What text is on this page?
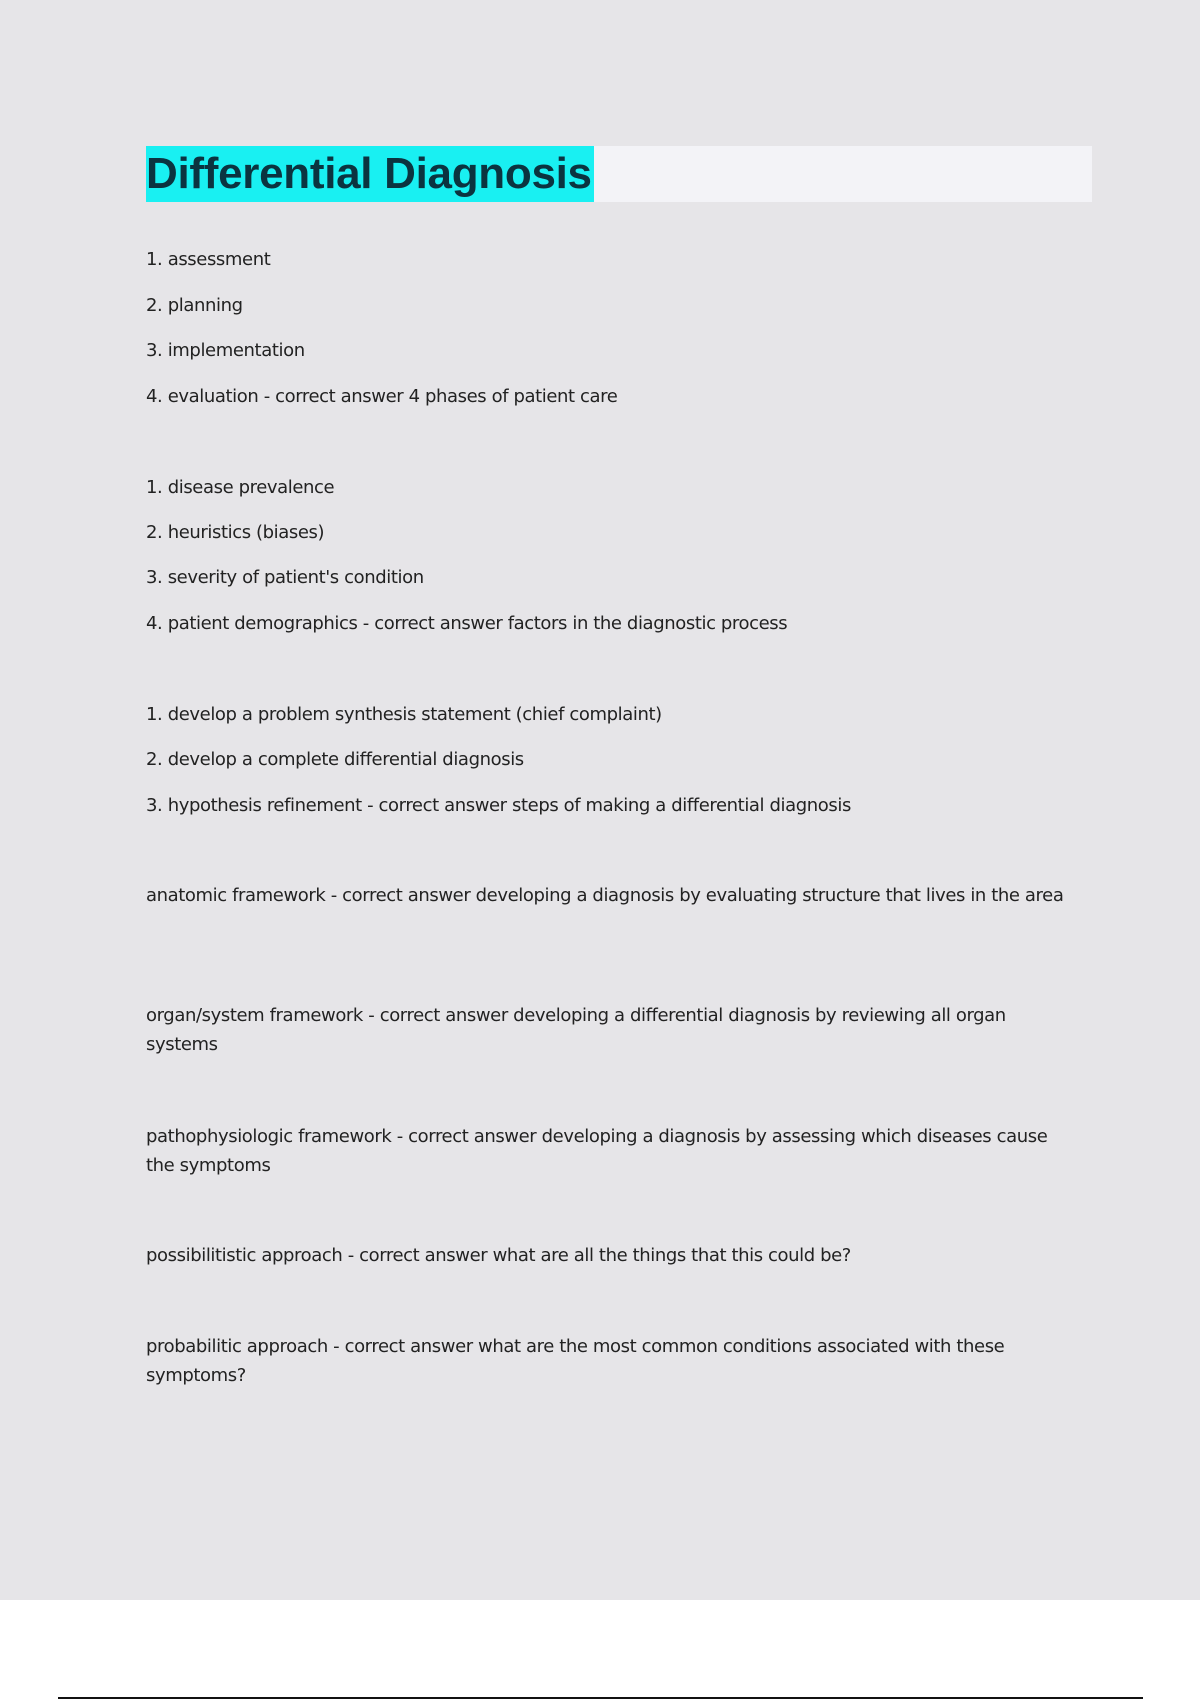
Differential Diagnosis

1. assessment

2. planning

3. implementation

4. evaluation - correct answer 4 phases of patient care

1. disease prevalence

2. heuristics (biases)

3. severity of patient's condition

4. patient demographics - correct answer factors in the diagnostic process

1. develop a problem synthesis statement (chief complaint)

2. develop a complete differential diagnosis

3. hypothesis refinement - correct answer steps of making a differential diagnosis

anatomic framework - correct answer developing a diagnosis by evaluating structure that lives in the area

organ/system framework - correct answer developing a differential diagnosis by reviewing all organ systems

pathophysiologic framework - correct answer developing a diagnosis by assessing which diseases cause the symptoms

possibilitistic approach - correct answer what are all the things that this could be?

probabilitic approach - correct answer what are the most common conditions associated with these symptoms?
